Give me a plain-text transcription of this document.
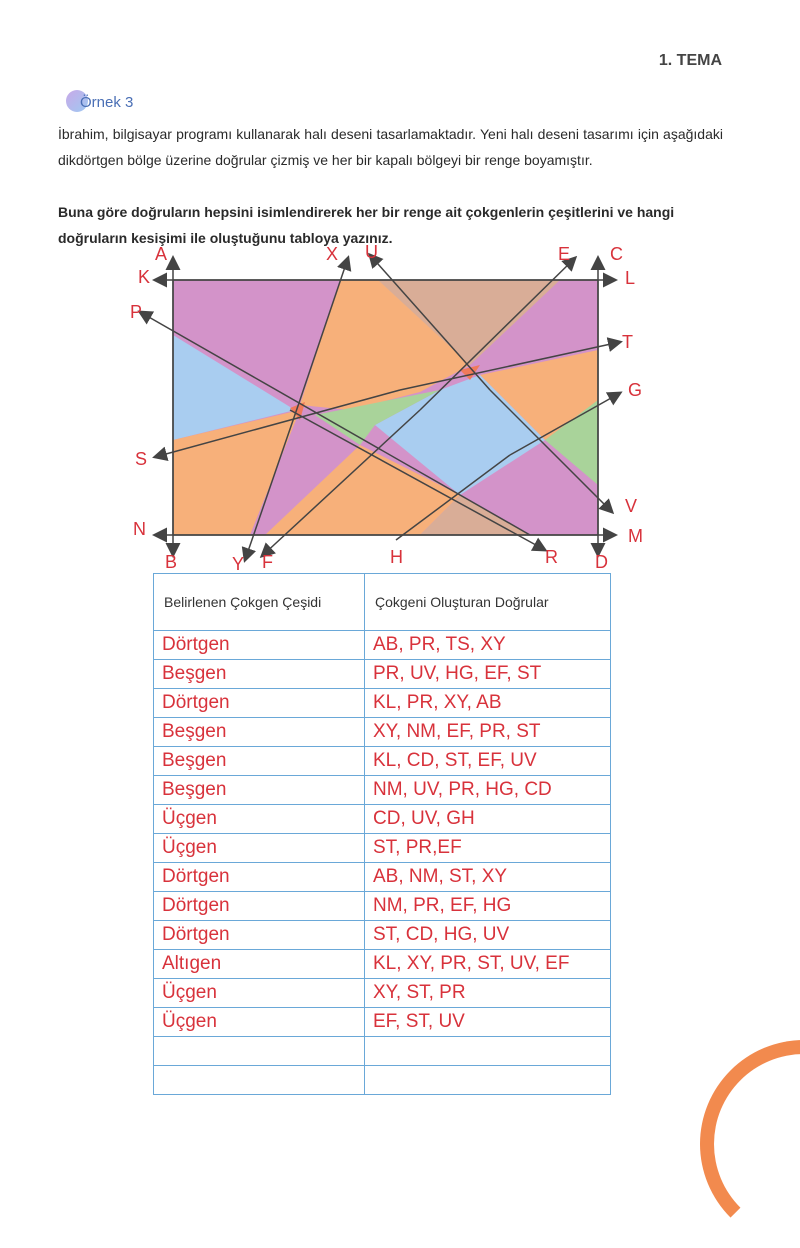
1. TEMA
Örnek 3
İbrahim, bilgisayar programı kullanarak halı deseni tasarlamaktadır. Yeni halı deseni tasarımı için aşağıdaki dikdörtgen bölge üzerine doğrular çizmiş ve her bir kapalı bölgeyi bir renge boyamıştır.
Buna göre doğruların hepsini isimlendirerek her bir renge ait çokgenlerin çeşitlerini ve hangi doğruların kesişimi ile oluştuğunu tabloya yazınız.
A
K
P
S
N
B	Y F	H	R D
X U	E C
L
T
G
V
M
Belirlenen Çokgen Çeşidi	Çokgeni Oluşturan Doğrular
Dörtgen	AB, PR, TS, XY
Beşgen	PR, UV, HG, EF, ST
Dörtgen	KL, PR, XY, AB
Beşgen	XY, NM, EF, PR, ST
Beşgen	KL, CD, ST, EF, UV
Beşgen	NM, UV, PR, HG, CD
Üçgen	CD, UV, GH
Üçgen	ST, PR,EF
Dörtgen	AB, NM, ST, XY
Dörtgen	NM, PR, EF, HG
Dörtgen	ST, CD, HG, UV
Altıgen	KL, XY, PR, ST, UV, EF
Üçgen	XY, ST, PR
Üçgen	EF, ST, UV
